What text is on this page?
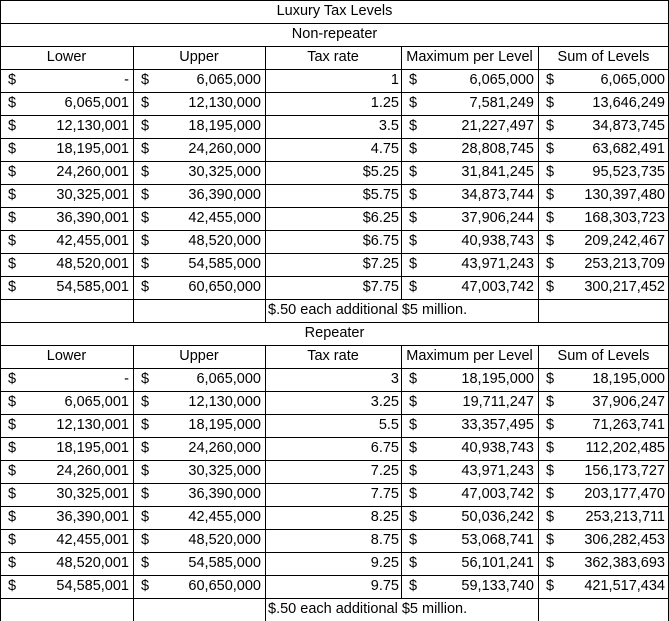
Luxury Tax Levels
Non-repeater
Lower	Upper	Tax rate	Maximum per Level	Sum of Levels
$	- $	6,065,000	1 $	6,065,000 $	6,065,000
$	6,065,001 $	12,130,000	1.25 $	7,581,249 $	13,646,249
$	12,130,001 $	18,195,000	3.5 $	21,227,497 $	34,873,745
$	18,195,001 $	24,260,000	4.75 $	28,808,745 $	63,682,491
$	24,260,001 $	30,325,000	$5.25 $	31,841,245 $	95,523,735
$	30,325,001 $	36,390,000	$5.75 $	34,873,744 $	130,397,480
$	36,390,001 $	42,455,000	$6.25 $	37,906,244 $	168,303,723
$	42,455,001 $	48,520,000	$6.75 $	40,938,743 $	209,242,467
$	48,520,001 $	54,585,000	$7.25 $	43,971,243 $	253,213,709
$	54,585,001 $	60,650,000	$7.75 $	47,003,742 $	300,217,452
$.50 each additional $5 million.
Repeater
Lower	Upper	Tax rate	Maximum per Level	Sum of Levels
$	- $	6,065,000	3 $	18,195,000 $	18,195,000
$	6,065,001 $	12,130,000	3.25 $	19,711,247 $	37,906,247
$	12,130,001 $	18,195,000	5.5 $	33,357,495 $	71,263,741
$	18,195,001 $	24,260,000	6.75 $	40,938,743 $	112,202,485
$	24,260,001 $	30,325,000	7.25 $	43,971,243 $	156,173,727
$	30,325,001 $	36,390,000	7.75 $	47,003,742 $	203,177,470
$	36,390,001 $	42,455,000	8.25 $	50,036,242 $	253,213,711
$	42,455,001 $	48,520,000	8.75 $	53,068,741 $	306,282,453
$	48,520,001 $	54,585,000	9.25 $	56,101,241 $	362,383,693
$	54,585,001 $	60,650,000	9.75 $	59,133,740 $	421,517,434
$.50 each additional $5 million.
